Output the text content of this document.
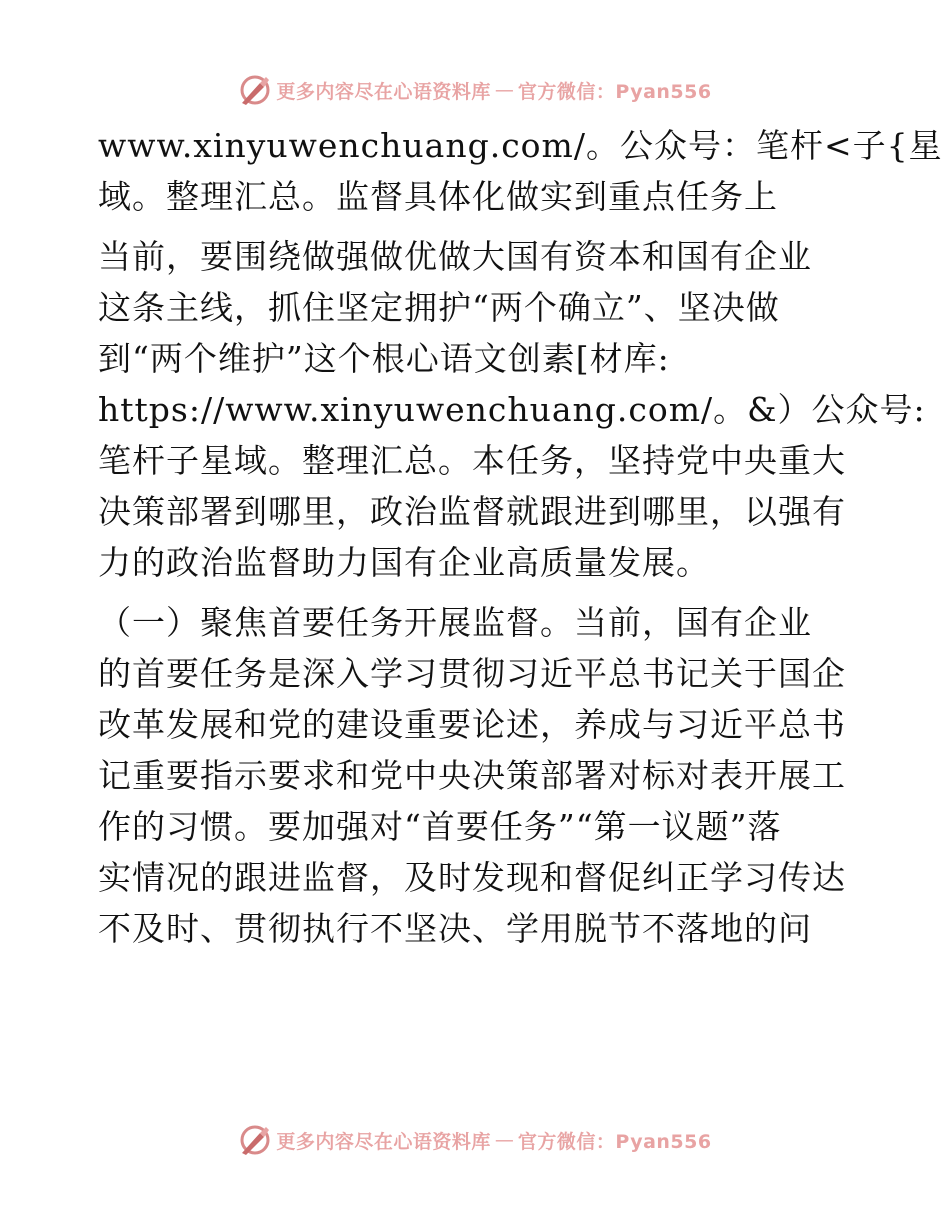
更多内容尽在心语资料库 — 官方微信：Pyan556
www.xinyuwenchuang.com/。公众号：笔杆<子{星
域。整理汇总。监督具体化做实到重点任务上
当前，要围绕做强做优做大国有资本和国有企业
这条主线，抓住坚定拥护“两个确立”、坚决做
到“两个维护”这个根心语文创素[材库:
https://www.xinyuwenchuang.com/。&）公众号:
笔杆子星域。整理汇总。本任务，坚持党中央重大
决策部署到哪里，政治监督就跟进到哪里，以强有
力的政治监督助力国有企业高质量发展。
（一）聚焦首要任务开展监督。当前，国有企业
的首要任务是深入学习贯彻习近平总书记关于国企
改革发展和党的建设重要论述，养成与习近平总书
记重要指示要求和党中央决策部署对标对表开展工
作的习惯。要加强对“首要任务”“第一议题”落
实情况的跟进监督，及时发现和督促纠正学习传达
不及时、贯彻执行不坚决、学用脱节不落地的问
更多内容尽在心语资料库 — 官方微信：Pyan556
